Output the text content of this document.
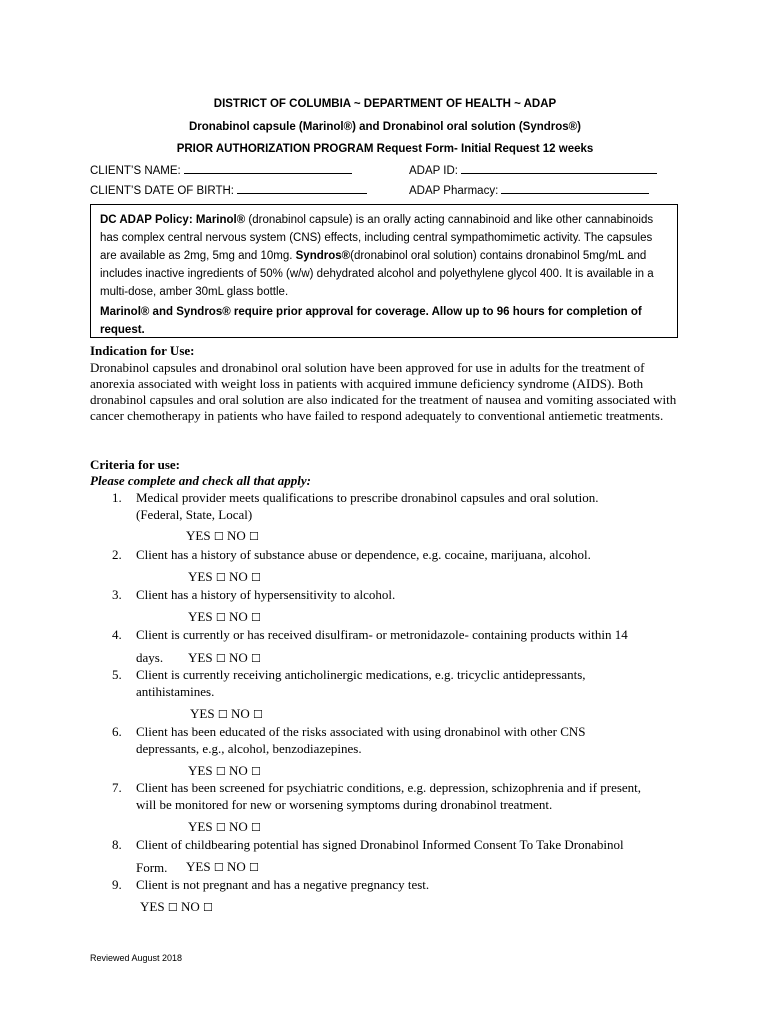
DISTRICT OF COLUMBIA ~ DEPARTMENT OF HEALTH ~ ADAP
Dronabinol capsule (Marinol®) and Dronabinol oral solution (Syndros®)
PRIOR AUTHORIZATION PROGRAM Request Form- Initial Request 12 weeks
CLIENT’S NAME:	ADAP ID:
CLIENT’S DATE OF BIRTH:	ADAP Pharmacy:

DC ADAP Policy: Marinol® (dronabinol capsule) is an orally acting cannabinoid and like other cannabinoids has complex central nervous system (CNS) effects, including central sympathomimetic activity. The capsules are available as 2mg, 5mg and 10mg. Syndros®(dronabinol oral solution) contains dronabinol 5mg/mL and includes inactive ingredients of 50% (w/w) dehydrated alcohol and polyethylene glycol 400. It is available in a multi-dose, amber 30mL glass bottle.

Marinol® and Syndros® require prior approval for coverage. Allow up to 96 hours for completion of request.

Indication for Use:
Dronabinol capsules and dronabinol oral solution have been approved for use in adults for the treatment of anorexia associated with weight loss in patients with acquired immune deficiency syndrome (AIDS). Both dronabinol capsules and oral solution are also indicated for the treatment of nausea and vomiting associated with cancer chemotherapy in patients who have failed to respond adequately to conventional antiemetic treatments.
Criteria for use:
Please complete and check all that apply:
1. Medical provider meets qualifications to prescribe dronabinol capsules and oral solution.
(Federal, State, Local)
YES ☐ NO ☐
2. Client has a history of substance abuse or dependence, e.g. cocaine, marijuana, alcohol.
YES ☐ NO ☐
3. Client has a history of hypersensitivity to alcohol.
YES ☐ NO ☐
4. Client is currently or has received disulfiram- or metronidazole- containing products within 14
days.	YES ☐ NO ☐
5. Client is currently receiving anticholinergic medications, e.g. tricyclic antidepressants,
antihistamines.
YES ☐ NO ☐
6. Client has been educated of the risks associated with using dronabinol with other CNS
depressants, e.g., alcohol, benzodiazepines.
YES ☐ NO ☐
7. Client has been screened for psychiatric conditions, e.g. depression, schizophrenia and if present,
will be monitored for new or worsening symptoms during dronabinol treatment.
YES ☐ NO ☐
8. Client of childbearing potential has signed Dronabinol Informed Consent To Take Dronabinol
Form.	YES ☐ NO ☐
9. Client is not pregnant and has a negative pregnancy test.
YES ☐ NO ☐
Reviewed August 2018
